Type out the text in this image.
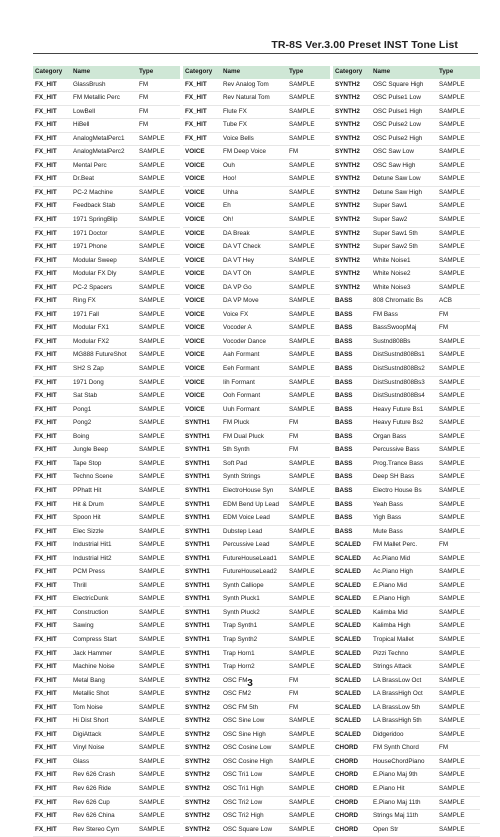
TR-8S Ver.3.00 Preset INST Tone List
Category	Name	Type
FX_HIT	GlassBrush	FM
FX_HIT	FM Metallic Perc	FM
FX_HIT	LowBell	FM
FX_HIT	HiBell	FM
FX_HIT	AnalogMetalPerc1	SAMPLE
FX_HIT	AnalogMetalPerc2	SAMPLE
FX_HIT	Mental Perc	SAMPLE
FX_HIT	Dr.Beat	SAMPLE
FX_HIT	PC-2 Machine	SAMPLE
FX_HIT	Feedback Stab	SAMPLE
FX_HIT	1971 SpringBlip	SAMPLE
FX_HIT	1971 Doctor	SAMPLE
FX_HIT	1971 Phone	SAMPLE
FX_HIT	Modular Sweep	SAMPLE
FX_HIT	Modular FX Dly	SAMPLE
FX_HIT	PC-2 Spacers	SAMPLE
FX_HIT	Ring FX	SAMPLE
FX_HIT	1971 Fall	SAMPLE
FX_HIT	Modular FX1	SAMPLE
FX_HIT	Modular FX2	SAMPLE
FX_HIT	MG888 FutureShot	SAMPLE
FX_HIT	SH2 S Zap	SAMPLE
FX_HIT	1971 Dong	SAMPLE
FX_HIT	Sat Stab	SAMPLE
FX_HIT	Pong1	SAMPLE
FX_HIT	Pong2	SAMPLE
FX_HIT	Boing	SAMPLE
FX_HIT	Jungle Beep	SAMPLE
FX_HIT	Tape Stop	SAMPLE
FX_HIT	Techno Scene	SAMPLE
FX_HIT	PPhatt Hit	SAMPLE
FX_HIT	Hit & Drum	SAMPLE
FX_HIT	Spoon Hit	SAMPLE
FX_HIT	Elec Sizzle	SAMPLE
FX_HIT	Industrial Hit1	SAMPLE
FX_HIT	Industrial Hit2	SAMPLE
FX_HIT	PCM Press	SAMPLE
FX_HIT	Thrill	SAMPLE
FX_HIT	ElectricDunk	SAMPLE
FX_HIT	Construction	SAMPLE
FX_HIT	Sawing	SAMPLE
FX_HIT	Compress Start	SAMPLE
FX_HIT	Jack Hammer	SAMPLE
FX_HIT	Machine Noise	SAMPLE
FX_HIT	Metal Bang	SAMPLE
FX_HIT	Metallic Shot	SAMPLE
FX_HIT	Tom Noise	SAMPLE
FX_HIT	Hi Dist Short	SAMPLE
FX_HIT	DigiAttack	SAMPLE
FX_HIT	Vinyl Noise	SAMPLE
FX_HIT	Glass	SAMPLE
FX_HIT	Rev 626 Crash	SAMPLE
FX_HIT	Rev 626 Ride	SAMPLE
FX_HIT	Rev 626 Cup	SAMPLE
FX_HIT	Rev 626 China	SAMPLE
FX_HIT	Rev Stereo Cym	SAMPLE
Category	Name	Type
FX_HIT	Rev Analog Tom	SAMPLE
FX_HIT	Rev Natural Tom	SAMPLE
FX_HIT	Flute FX	SAMPLE
FX_HIT	Tube FX	SAMPLE
FX_HIT	Voice Bells	SAMPLE
VOICE	FM Deep Voice	FM
VOICE	Ouh	SAMPLE
VOICE	Hoo!	SAMPLE
VOICE	Uhha	SAMPLE
VOICE	Eh	SAMPLE
VOICE	Oh!	SAMPLE
VOICE	DA Break	SAMPLE
VOICE	DA VT Check	SAMPLE
VOICE	DA VT Hey	SAMPLE
VOICE	DA VT Oh	SAMPLE
VOICE	DA VP Go	SAMPLE
VOICE	DA VP Move	SAMPLE
VOICE	Voice FX	SAMPLE
VOICE	Vocoder A	SAMPLE
VOICE	Vocoder Dance	SAMPLE
VOICE	Aah Formant	SAMPLE
VOICE	Eeh Formant	SAMPLE
VOICE	Iih Formant	SAMPLE
VOICE	Ooh Formant	SAMPLE
VOICE	Uuh Formant	SAMPLE
SYNTH1	FM Pluck	FM
SYNTH1	FM Dual Pluck	FM
SYNTH1	5th Synth	FM
SYNTH1	Soft Pad	SAMPLE
SYNTH1	Synth Strings	SAMPLE
SYNTH1	ElectroHouse Syn	SAMPLE
SYNTH1	EDM Bend Up Lead	SAMPLE
SYNTH1	EDM Voice Lead	SAMPLE
SYNTH1	Dubstep Lead	SAMPLE
SYNTH1	Percussive Lead	SAMPLE
SYNTH1	FutureHouseLead1	SAMPLE
SYNTH1	FutureHouseLead2	SAMPLE
SYNTH1	Synth Calliope	SAMPLE
SYNTH1	Synth Pluck1	SAMPLE
SYNTH1	Synth Pluck2	SAMPLE
SYNTH1	Trap Synth1	SAMPLE
SYNTH1	Trap Synth2	SAMPLE
SYNTH1	Trap Horn1	SAMPLE
SYNTH1	Trap Horn2	SAMPLE
SYNTH2	OSC FM	FM
SYNTH2	OSC FM2	FM
SYNTH2	OSC FM 5th	FM
SYNTH2	OSC Sine Low	SAMPLE
SYNTH2	OSC Sine High	SAMPLE
SYNTH2	OSC Cosine Low	SAMPLE
SYNTH2	OSC Cosine High	SAMPLE
SYNTH2	OSC Tri1 Low	SAMPLE
SYNTH2	OSC Tri1 High	SAMPLE
SYNTH2	OSC Tri2 Low	SAMPLE
SYNTH2	OSC Tri2 High	SAMPLE
SYNTH2	OSC Square Low	SAMPLE
Category	Name	Type
SYNTH2	OSC Square High	SAMPLE
SYNTH2	OSC Pulse1 Low	SAMPLE
SYNTH2	OSC Pulse1 High	SAMPLE
SYNTH2	OSC Pulse2 Low	SAMPLE
SYNTH2	OSC Pulse2 High	SAMPLE
SYNTH2	OSC Saw Low	SAMPLE
SYNTH2	OSC Saw High	SAMPLE
SYNTH2	Detune Saw Low	SAMPLE
SYNTH2	Detune Saw High	SAMPLE
SYNTH2	Super Saw1	SAMPLE
SYNTH2	Super Saw2	SAMPLE
SYNTH2	Super Saw1 5th	SAMPLE
SYNTH2	Super Saw2 5th	SAMPLE
SYNTH2	White Noise1	SAMPLE
SYNTH2	White Noise2	SAMPLE
SYNTH2	White Noise3	SAMPLE
BASS	808 Chromatic Bs	ACB
BASS	FM Bass	FM
BASS	BassSwoopMaj	FM
BASS	Sustnd808Bs	SAMPLE
BASS	DistSustnd808Bs1	SAMPLE
BASS	DistSustnd808Bs2	SAMPLE
BASS	DistSustnd808Bs3	SAMPLE
BASS	DistSustnd808Bs4	SAMPLE
BASS	Heavy Future Bs1	SAMPLE
BASS	Heavy Future Bs2	SAMPLE
BASS	Organ Bass	SAMPLE
BASS	Percussive Bass	SAMPLE
BASS	Prog.Trance Bass	SAMPLE
BASS	Deep SH Bass	SAMPLE
BASS	Electro House Bs	SAMPLE
BASS	Yeah Bass	SAMPLE
BASS	Yigh Bass	SAMPLE
BASS	Mute Bass	SAMPLE
SCALED	FM Mallet Perc.	FM
SCALED	Ac.Piano Mid	SAMPLE
SCALED	Ac.Piano High	SAMPLE
SCALED	E.Piano Mid	SAMPLE
SCALED	E.Piano High	SAMPLE
SCALED	Kalimba Mid	SAMPLE
SCALED	Kalimba High	SAMPLE
SCALED	Tropical Mallet	SAMPLE
SCALED	Pizzi Techno	SAMPLE
SCALED	Strings Attack	SAMPLE
SCALED	LA BrassLow Oct	SAMPLE
SCALED	LA BrassHigh Oct	SAMPLE
SCALED	LA BrassLow 5th	SAMPLE
SCALED	LA BrassHigh 5th	SAMPLE
SCALED	Didgeridoo	SAMPLE
CHORD	FM Synth Chord	FM
CHORD	HouseChordPiano	SAMPLE
CHORD	E.Piano Maj 9th	SAMPLE
CHORD	E.Piano Hit	SAMPLE
CHORD	E.Piano Maj 11th	SAMPLE
CHORD	Strings Maj 11th	SAMPLE
CHORD	Open Str	SAMPLE
3
